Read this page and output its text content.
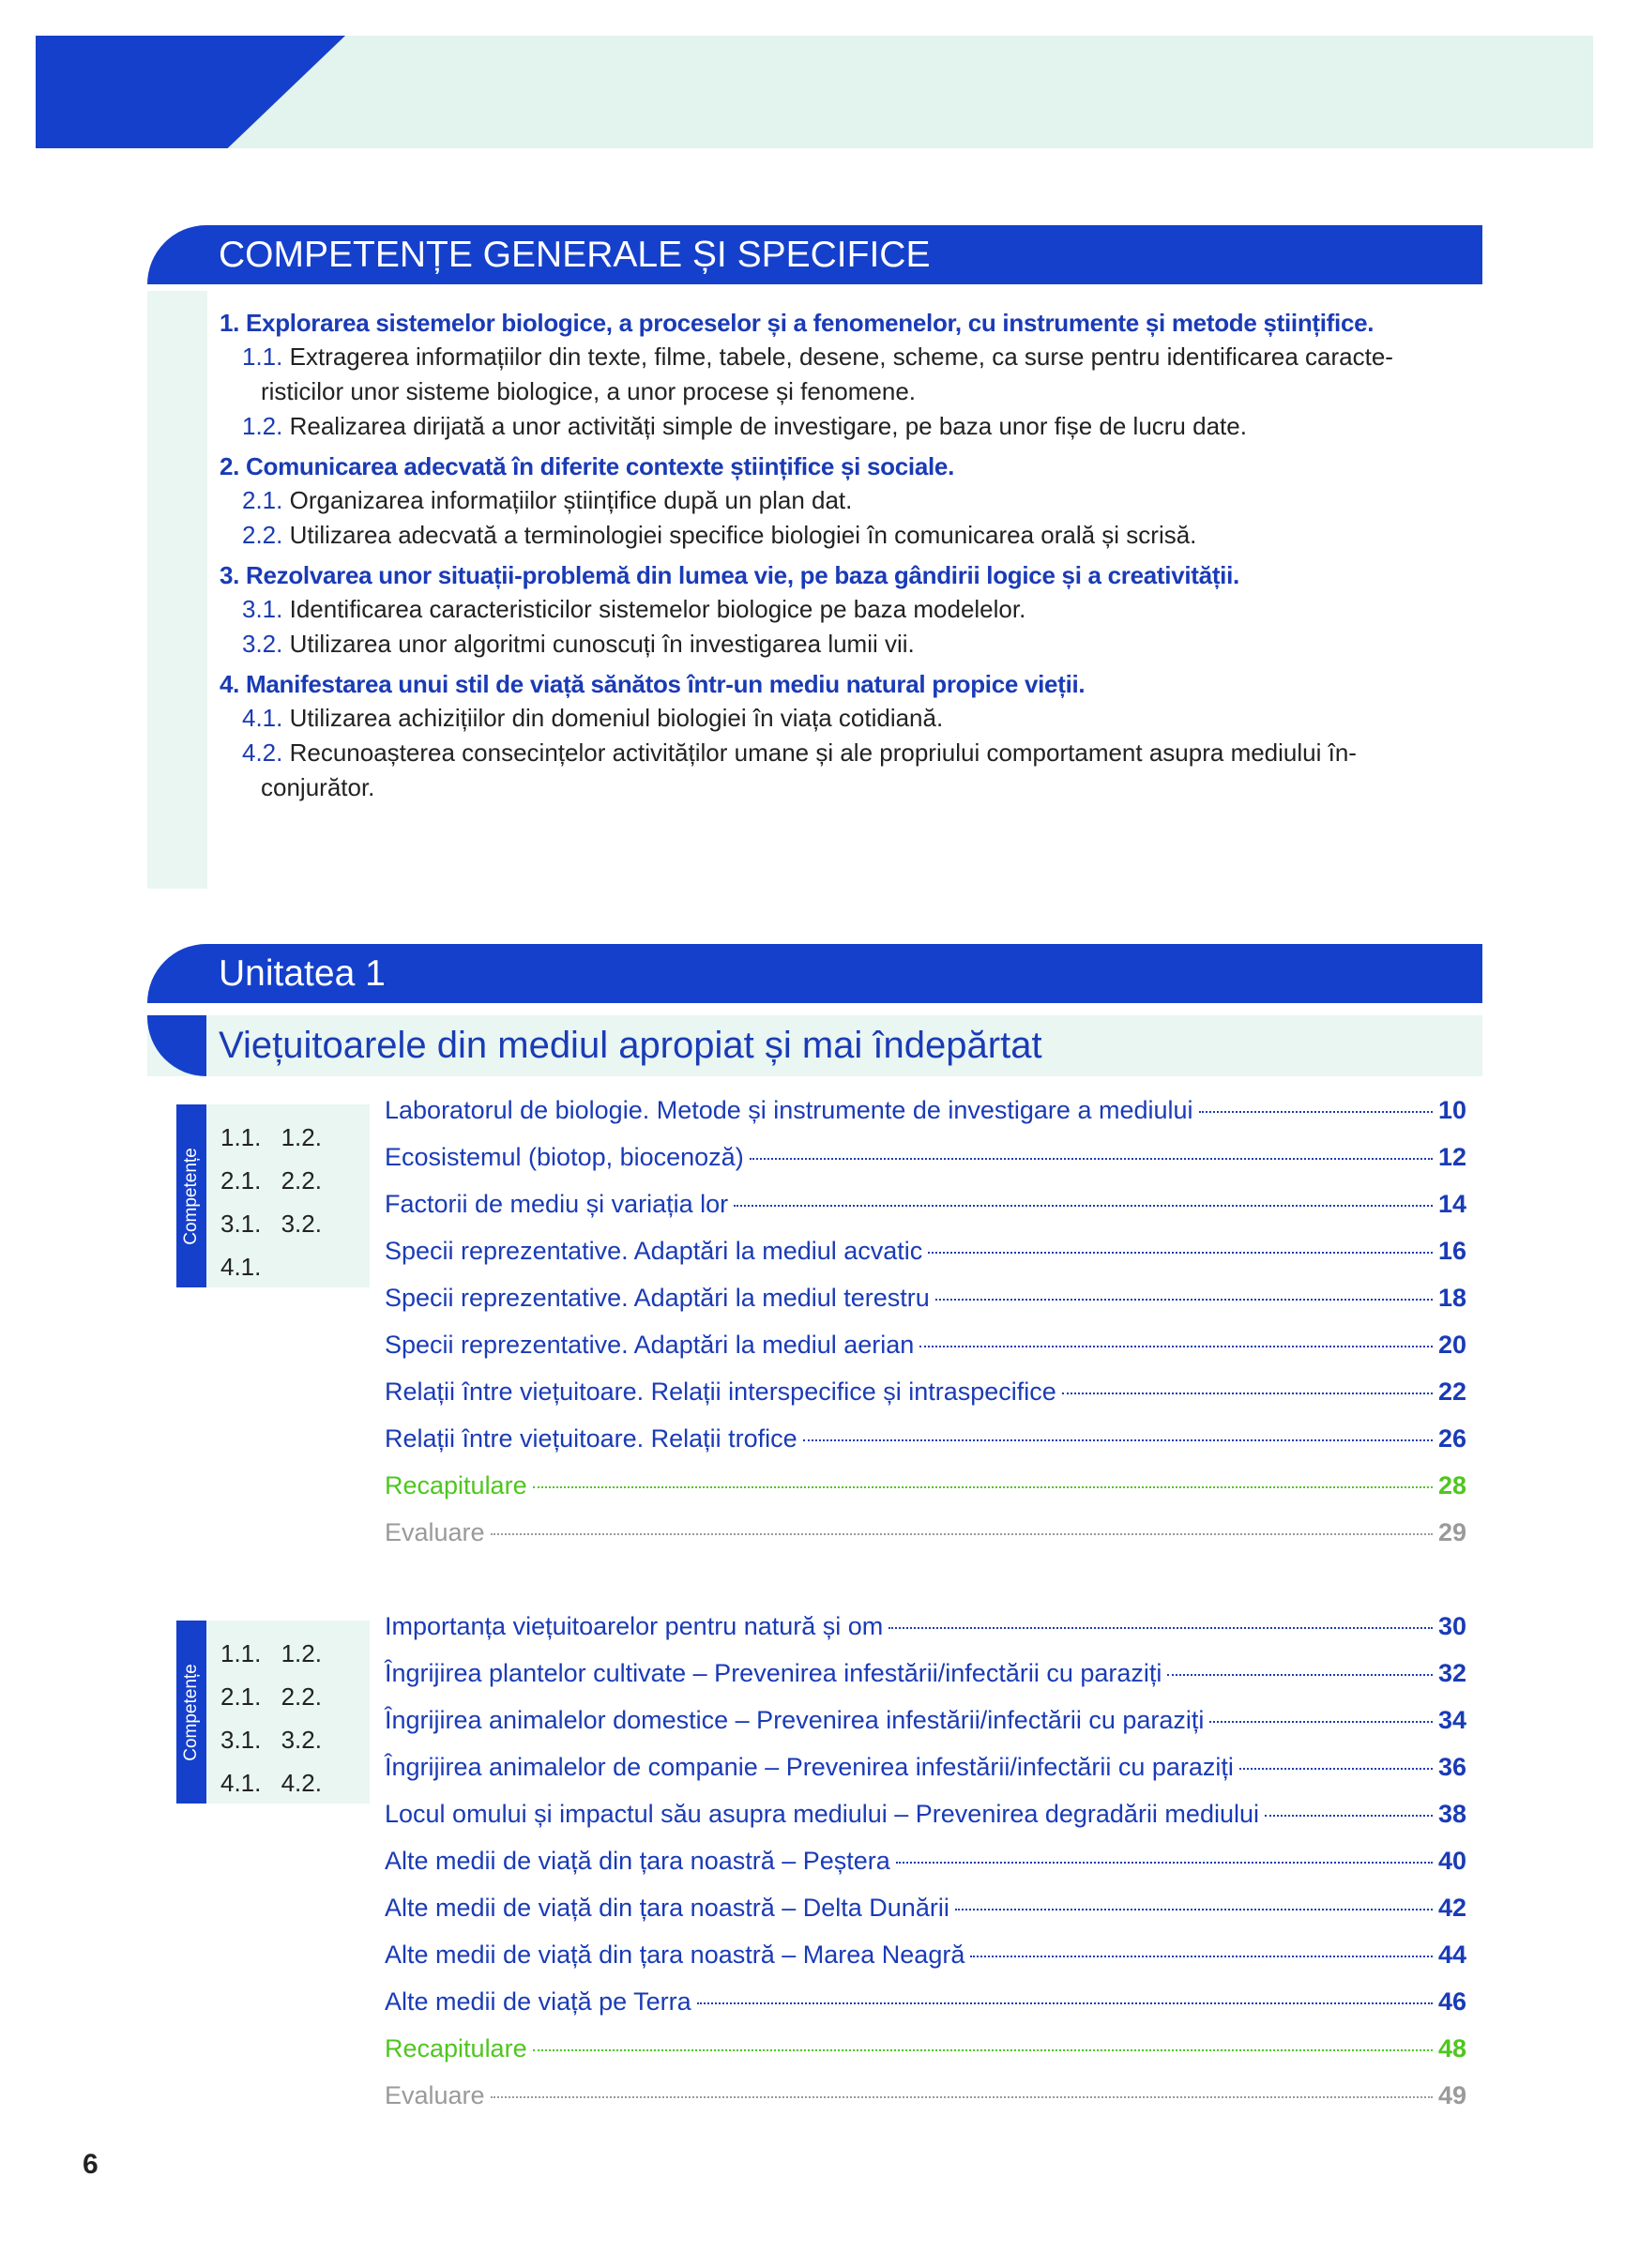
COMPETENȚE GENERALE ȘI SPECIFICE
1. Explorarea sistemelor biologice, a proceselor și a fenomenelor, cu instrumente și metode științifice.
1.1. Extragerea informațiilor din texte, filme, tabele, desene, scheme, ca surse pentru identificarea caracte-
risticilor unor sisteme biologice, a unor procese și fenomene.
1.2. Realizarea dirijată a unor activități simple de investigare, pe baza unor fișe de lucru date.
2. Comunicarea adecvată în diferite contexte științifice și sociale.
2.1. Organizarea informațiilor științifice după un plan dat.
2.2. Utilizarea adecvată a terminologiei specifice biologiei în comunicarea orală și scrisă.
3. Rezolvarea unor situații-problemă din lumea vie, pe baza gândirii logice și a creativității.
3.1. Identificarea caracteristicilor sistemelor biologice pe baza modelelor.
3.2. Utilizarea unor algoritmi cunoscuți în investigarea lumii vii.
4. Manifestarea unui stil de viață sănătos într-un mediu natural propice vieții.
4.1. Utilizarea achizițiilor din domeniul biologiei în viața cotidiană.
4.2. Recunoașterea consecințelor activităților umane și ale propriului comportament asupra mediului în-
conjurător.
Unitatea 1
Viețuitoarele din mediul apropiat și mai îndepărtat
Competențe
1.1. 1.2.
2.1. 2.2.
3.1. 3.2.
4.1.
Laboratorul de biologie. Metode și instrumente de investigare a mediului	10
Ecosistemul (biotop, biocenoză)	12
Factorii de mediu și variația lor	14
Specii reprezentative. Adaptări la mediul acvatic	16
Specii reprezentative. Adaptări la mediul terestru	18
Specii reprezentative. Adaptări la mediul aerian	20
Relații între viețuitoare. Relații interspecifice și intraspecifice	22
Relații între viețuitoare. Relații trofice	26
Recapitulare	28
Evaluare	29
Competențe
1.1. 1.2.
2.1. 2.2.
3.1. 3.2.
4.1. 4.2.
Importanța viețuitoarelor pentru natură și om	30
Îngrijirea plantelor cultivate – Prevenirea infestării/infectării cu paraziți	32
Îngrijirea animalelor domestice – Prevenirea infestării/infectării cu paraziți	34
Îngrijirea animalelor de companie – Prevenirea infestării/infectării cu paraziți	36
Locul omului și impactul său asupra mediului – Prevenirea degradării mediului	38
Alte medii de viață din țara noastră – Peștera	40
Alte medii de viață din țara noastră – Delta Dunării	42
Alte medii de viață din țara noastră – Marea Neagră	44
Alte medii de viață pe Terra	46
Recapitulare	48
Evaluare	49
6
